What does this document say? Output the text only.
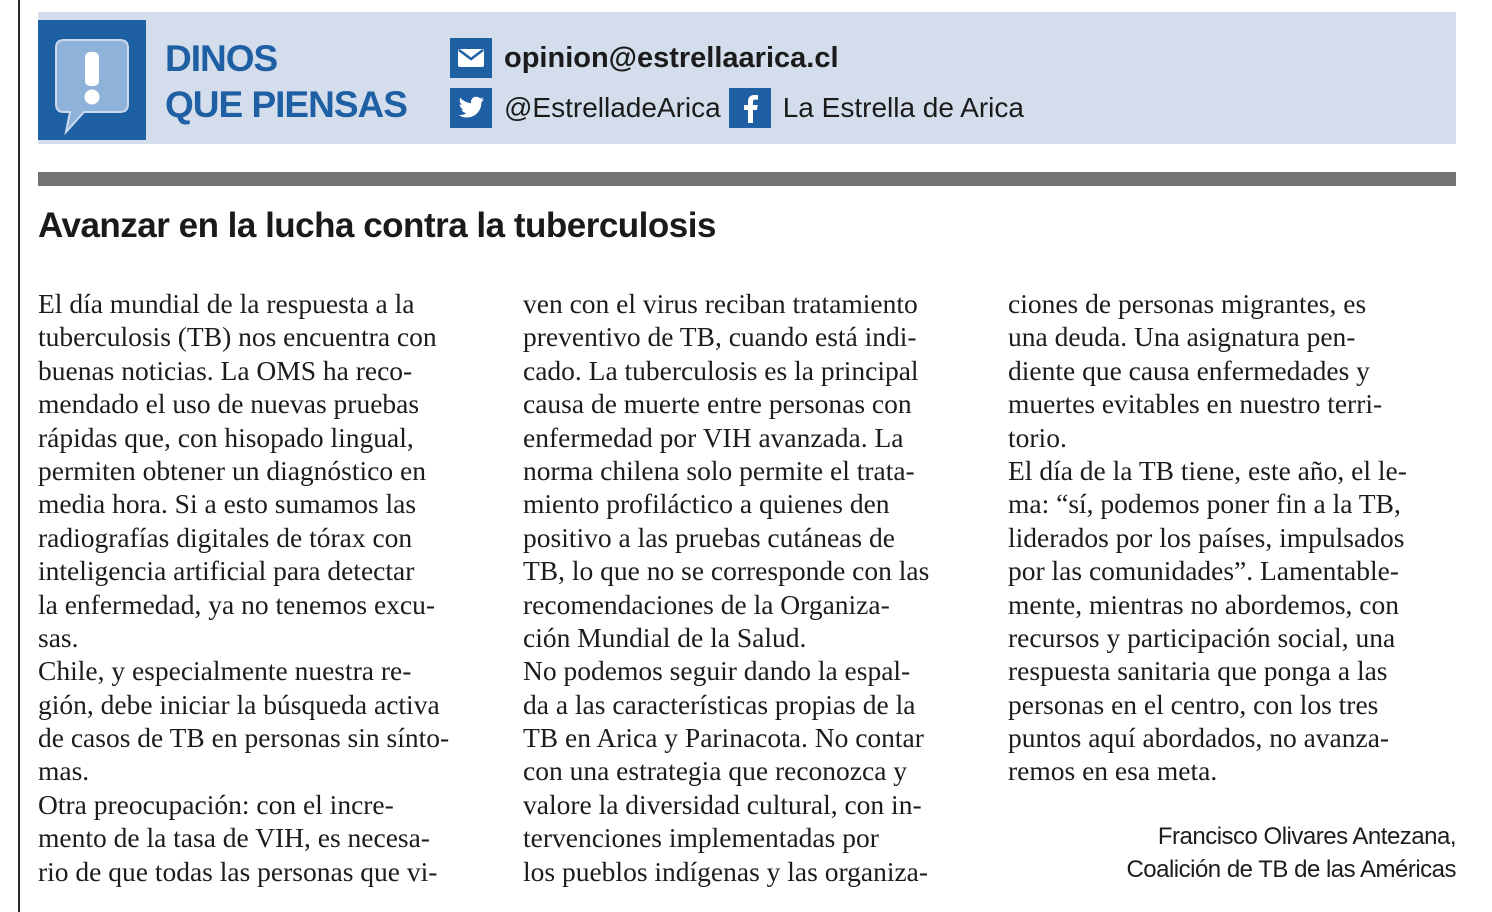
DINOS
QUE PIENSAS
opinion@estrellaarica.cl
@EstrelladeArica La Estrella de Arica
Avanzar en la lucha contra la tuberculosis
El día mundial de la respuesta a la
tuberculosis (TB) nos encuentra con
buenas noticias. La OMS ha reco-
mendado el uso de nuevas pruebas
rápidas que, con hisopado lingual,
permiten obtener un diagnóstico en
media hora. Si a esto sumamos las
radiografías digitales de tórax con
inteligencia artificial para detectar
la enfermedad, ya no tenemos excu-
sas.
Chile, y especialmente nuestra re-
gión, debe iniciar la búsqueda activa
de casos de TB en personas sin sínto-
mas.
Otra preocupación: con el incre-
mento de la tasa de VIH, es necesa-
rio de que todas las personas que vi-
ven con el virus reciban tratamiento
preventivo de TB, cuando está indi-
cado. La tuberculosis es la principal
causa de muerte entre personas con
enfermedad por VIH avanzada. La
norma chilena solo permite el trata-
miento profiláctico a quienes den
positivo a las pruebas cutáneas de
TB, lo que no se corresponde con las
recomendaciones de la Organiza-
ción Mundial de la Salud.
No podemos seguir dando la espal-
da a las características propias de la
TB en Arica y Parinacota. No contar
con una estrategia que reconozca y
valore la diversidad cultural, con in-
tervenciones implementadas por
los pueblos indígenas y las organiza-
ciones de personas migrantes, es
una deuda. Una asignatura pen-
diente que causa enfermedades y
muertes evitables en nuestro terri-
torio.
El día de la TB tiene, este año, el le-
ma: “sí, podemos poner fin a la TB,
liderados por los países, impulsados
por las comunidades”. Lamentable-
mente, mientras no abordemos, con
recursos y participación social, una
respuesta sanitaria que ponga a las
personas en el centro, con los tres
puntos aquí abordados, no avanza-
remos en esa meta.
Francisco Olivares Antezana,
Coalición de TB de las Américas
